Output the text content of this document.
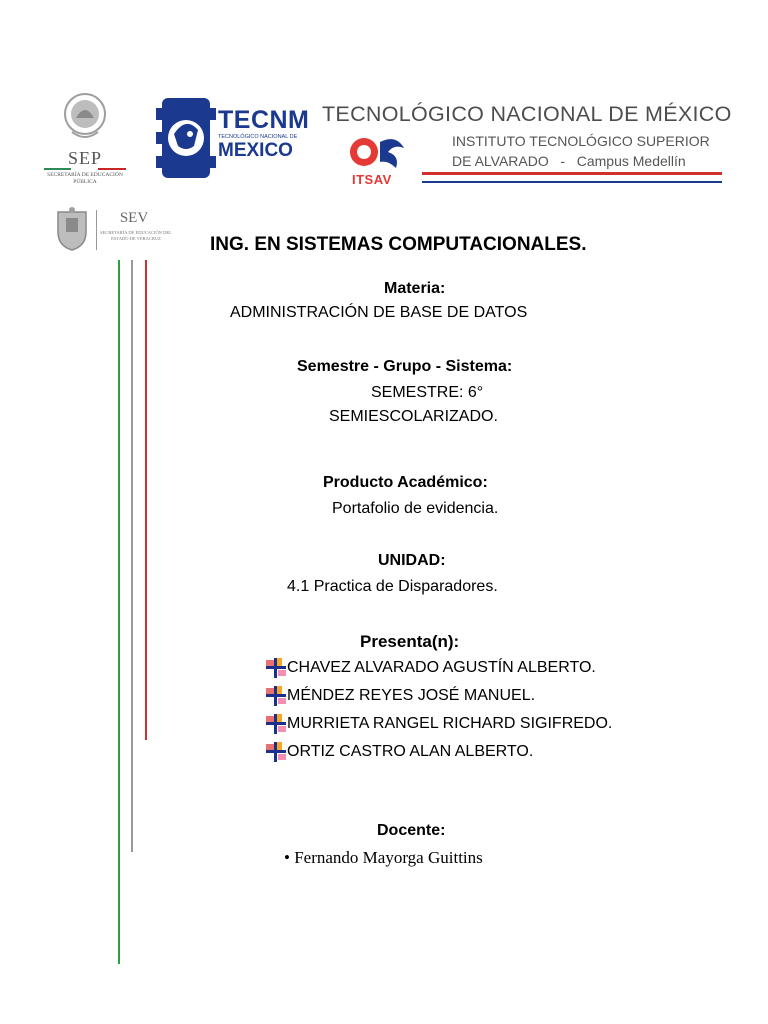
SEP
SECRETARÍA DE EDUCACIÓN PÚBLICA
TECNM
TECNOLÓGICO NACIONAL DE
MEXICO
TECNOLÓGICO NACIONAL DE MÉXICO
INSTITUTO TECNOLÓGICO SUPERIOR
DE ALVARADO   -   Campus Medellín
ITSAV
SEV
SECRETARÍA DE EDUCACIÓN DEL ESTADO DE VERACRUZ	ING. EN SISTEMAS COMPUTACIONALES.
Materia:
ADMINISTRACIÓN DE BASE DE DATOS
Semestre - Grupo - Sistema:
SEMESTRE: 6°
SEMIESCOLARIZADO.
Producto Académico:
Portafolio de evidencia.
UNIDAD:
4.1 Practica de Disparadores.
Presenta(n):
CHAVEZ ALVARADO AGUSTÍN ALBERTO.
MÉNDEZ REYES JOSÉ MANUEL.
MURRIETA RANGEL RICHARD SIGIFREDO.
ORTIZ CASTRO ALAN ALBERTO.
Docente:
• Fernando Mayorga Guittins
